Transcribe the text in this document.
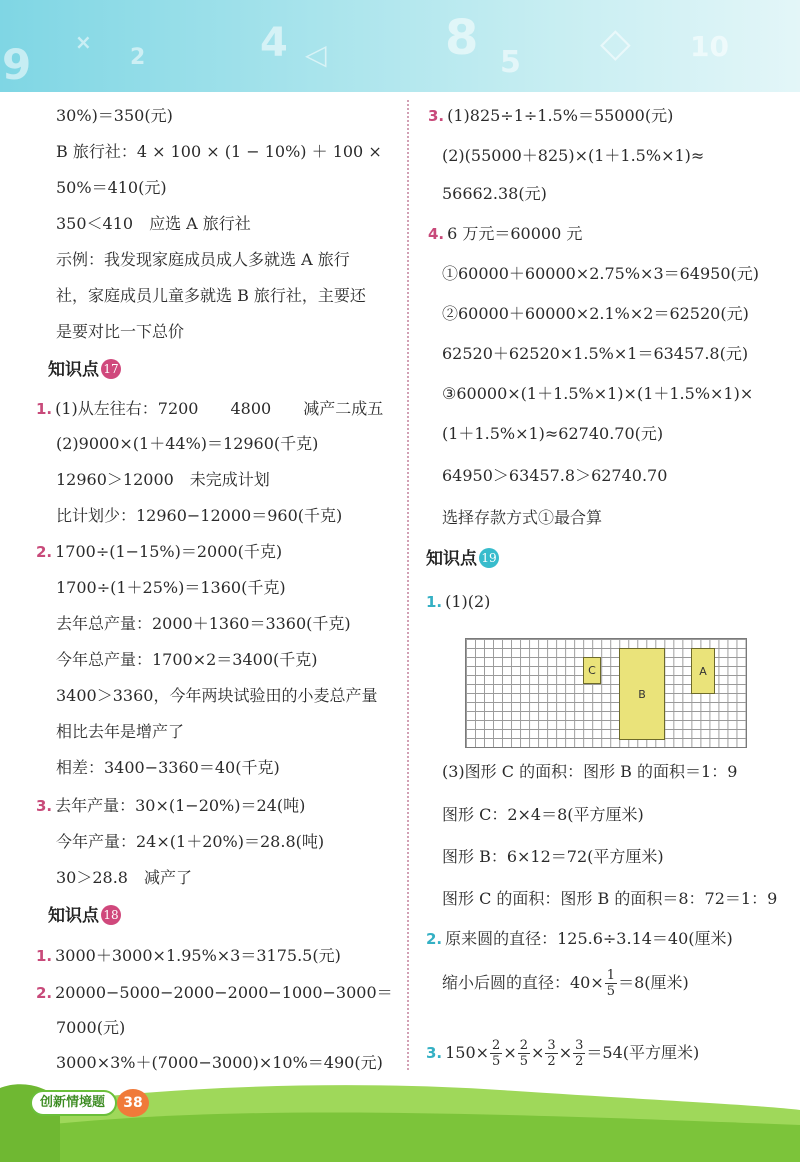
9 ×
2	4 ◁ 8 5 ◇ 10
30%)＝350(元)
B 旅行社：4 × 100 × (1 − 10%) ＋ 100 ×
50%＝410(元)
350＜410　应选 A 旅行社
示例：我发现家庭成员成人多就选 A 旅行
社，家庭成员儿童多就选 B 旅行社，主要还
是要对比一下总价
知识点 17
1. (1)从左往右：7200　　4800　　减产二成五
(2)9000×(1＋44%)＝12960(千克)
12960＞12000　未完成计划
比计划少：12960−12000＝960(千克)
2. 1700÷(1−15%)＝2000(千克)
1700÷(1＋25%)＝1360(千克)
去年总产量：2000＋1360＝3360(千克)
今年总产量：1700×2＝3400(千克)
3400＞3360，今年两块试验田的小麦总产量
相比去年是增产了
相差：3400−3360＝40(千克)
3. 去年产量：30×(1−20%)＝24(吨)
今年产量：24×(1＋20%)＝28.8(吨)
30＞28.8　减产了
知识点 18
1. 3000＋3000×1.95%×3＝3175.5(元)
2. 20000−5000−2000−2000−1000−3000＝
7000(元)
3000×3%＋(7000−3000)×10%＝490(元)
3. (1)825÷1÷1.5%＝55000(元)
(2)(55000＋825)×(1＋1.5%×1)≈
56662.38(元)
4. 6 万元＝60000 元
①60000＋60000×2.75%×3＝64950(元)
②60000＋60000×2.1%×2＝62520(元)
62520＋62520×1.5%×1＝63457.8(元)
③60000×(1＋1.5%×1)×(1＋1.5%×1)×
(1＋1.5%×1)≈62740.70(元)
64950＞63457.8＞62740.70
选择存款方式①最合算
知识点 19
1. (1)(2)
C
B
A
(3)图形 C 的面积：图形 B 的面积＝1：9
图形 C：2×4＝8(平方厘米)
图形 B：6×12＝72(平方厘米)
图形 C 的面积：图形 B 的面积＝8：72＝1：9
2. 原来圆的直径：125.6÷3.14＝40(厘米)
缩小后圆的直径：$40\times \frac{1}{5} =8$(厘米)
3. $150\times \frac{2}{5} \times \frac{2}{5} \times \frac{3}{2} \times \frac{3}{2} =54$(平方厘米)
创新情境题	38
